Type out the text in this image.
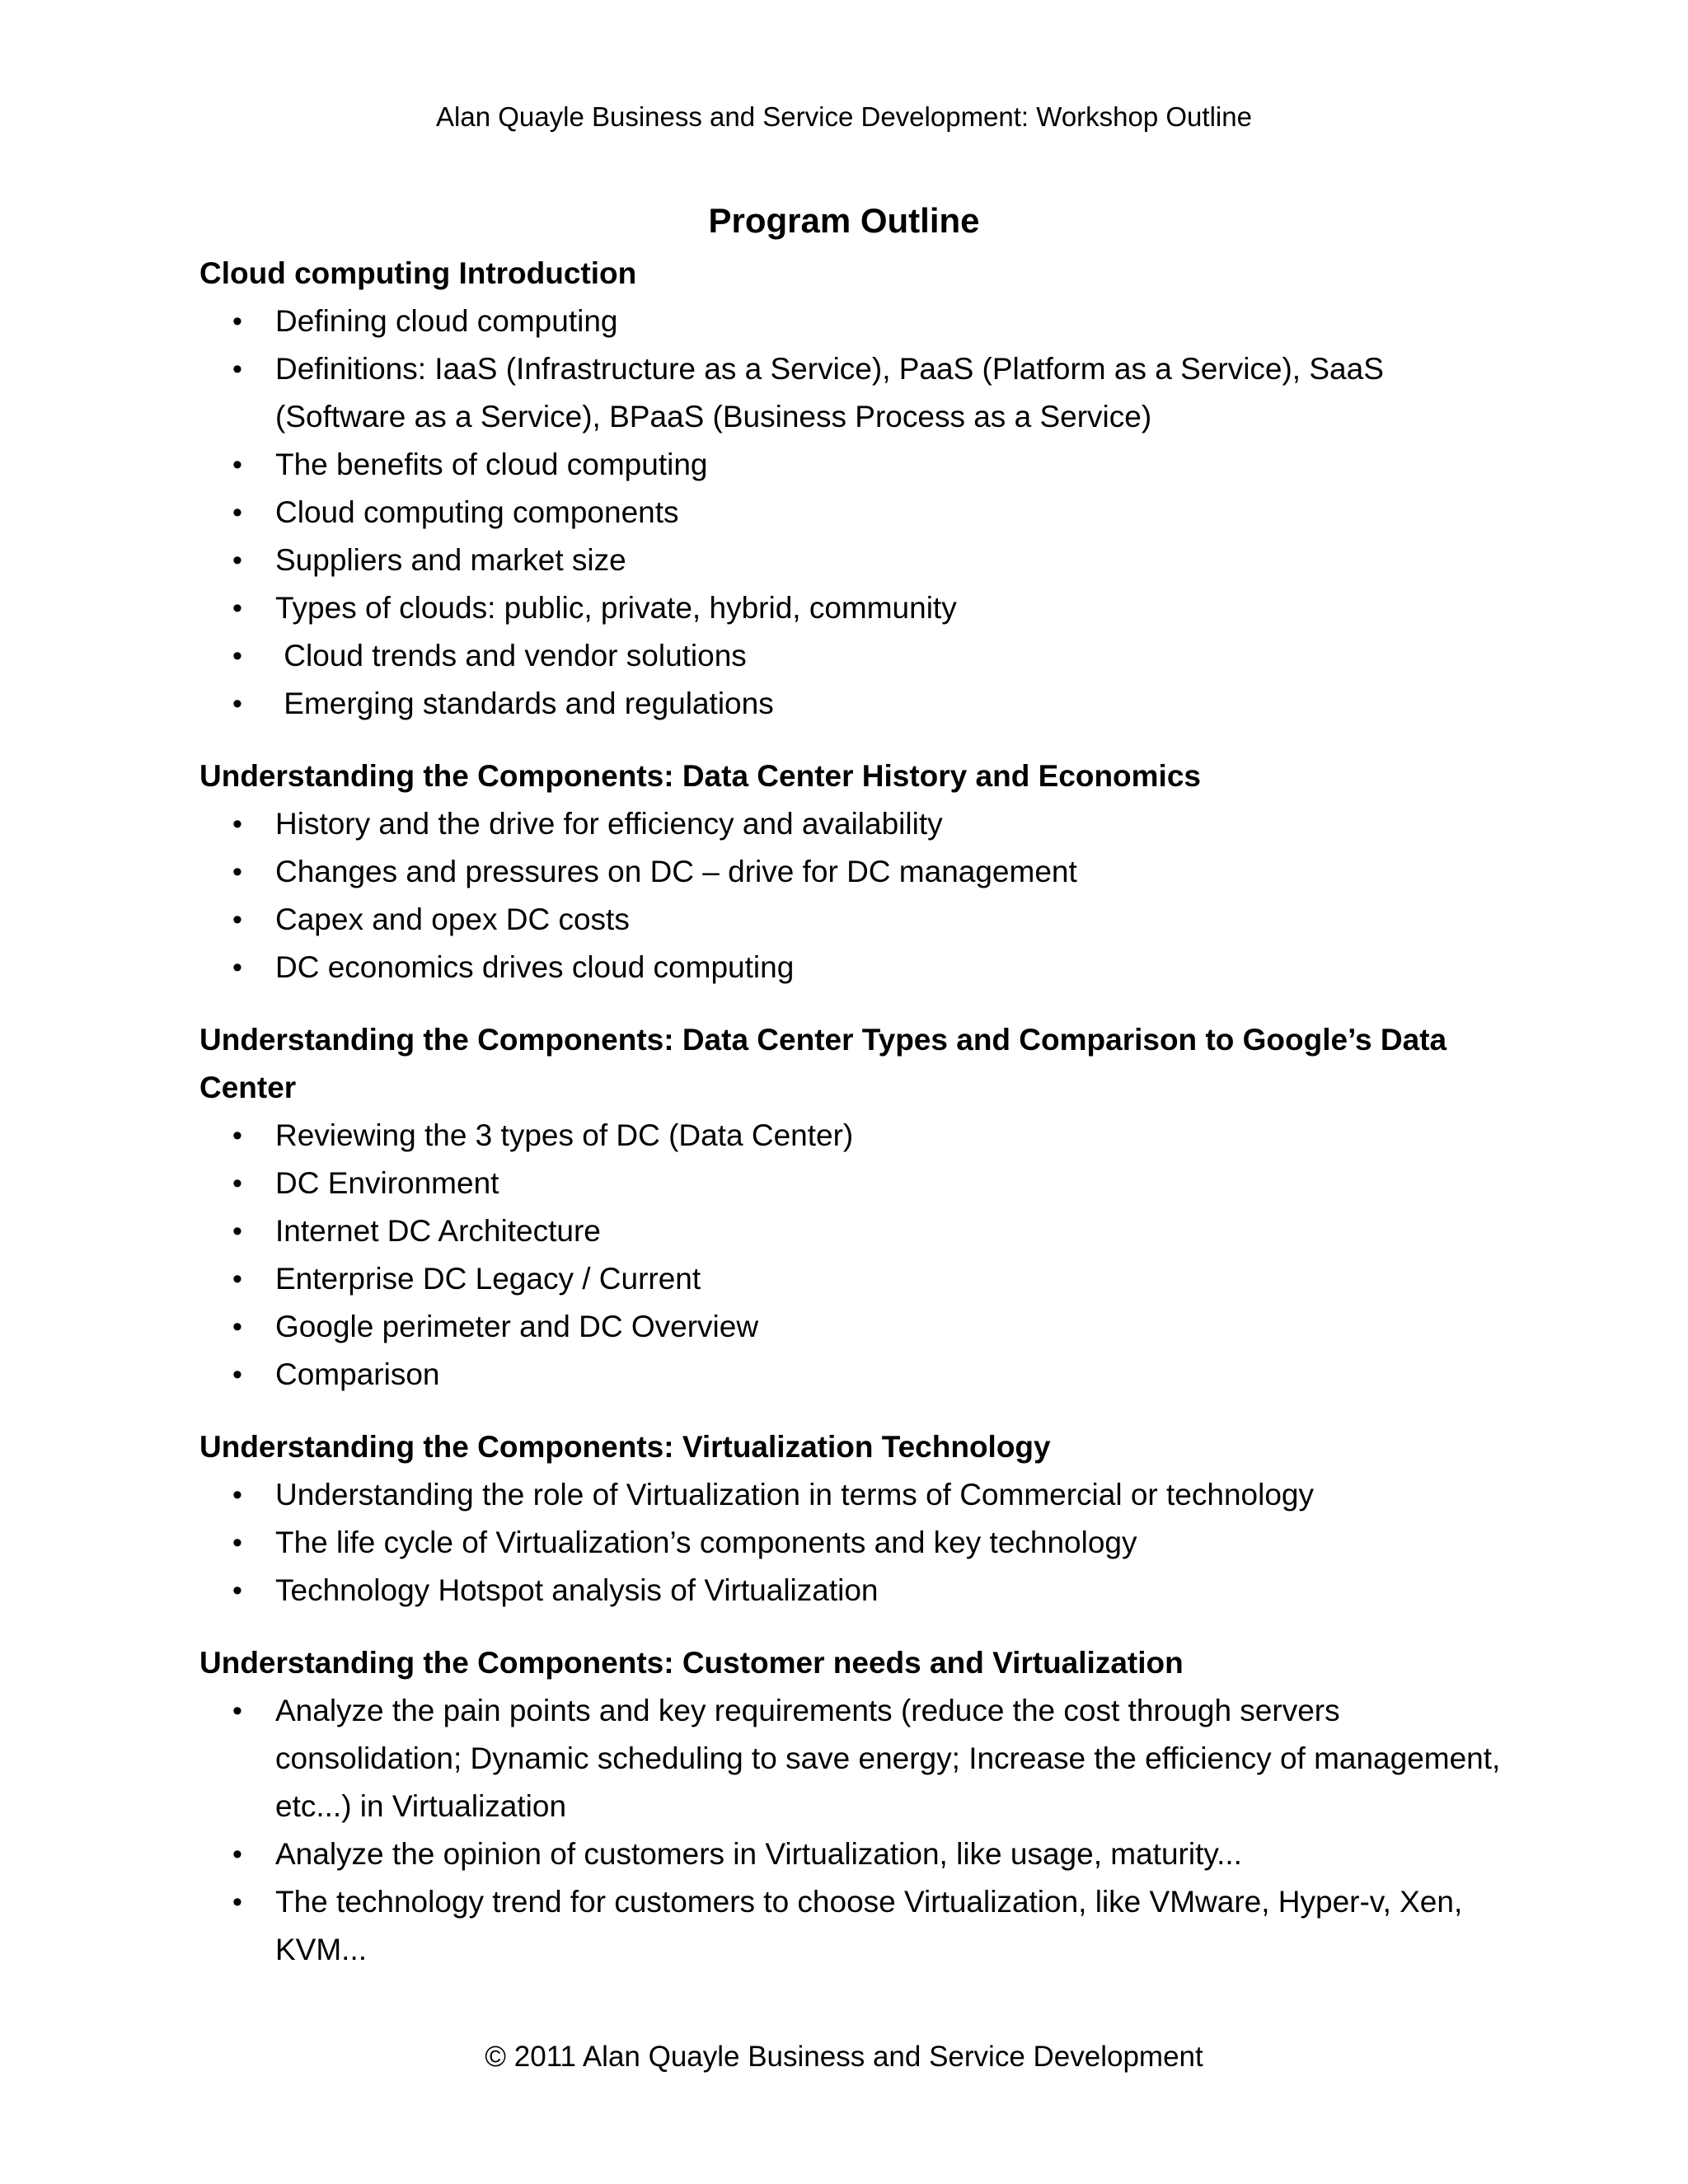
Alan Quayle Business and Service Development: Workshop Outline
Program Outline

Cloud computing Introduction

• Defining cloud computing
• Definitions: IaaS (Infrastructure as a Service), PaaS (Platform as a Service), SaaS (Software as a Service), BPaaS (Business Process as a Service)
• The benefits of cloud computing
• Cloud computing components
• Suppliers and market size
• Types of clouds: public, private, hybrid, community
• Cloud trends and vendor solutions
• Emerging standards and regulations

Understanding the Components: Data Center History and Economics

• History and the drive for efficiency and availability
• Changes and pressures on DC – drive for DC management
• Capex and opex DC costs
• DC economics drives cloud computing

Understanding the Components: Data Center Types and Comparison to Google’s Data Center

• Reviewing the 3 types of DC (Data Center)
• DC Environment
• Internet DC Architecture
• Enterprise DC Legacy / Current
• Google perimeter and DC Overview
• Comparison

Understanding the Components: Virtualization Technology

• Understanding the role of Virtualization in terms of Commercial or technology
• The life cycle of Virtualization’s components and key technology
• Technology Hotspot analysis of Virtualization

Understanding the Components: Customer needs and Virtualization

• Analyze the pain points and key requirements (reduce the cost through servers consolidation; Dynamic scheduling to save energy; Increase the efficiency of management, etc...) in Virtualization
• Analyze the opinion of customers in Virtualization, like usage, maturity...
• The technology trend for customers to choose Virtualization, like VMware, Hyper-v, Xen, KVM...
© 2011 Alan Quayle Business and Service Development
